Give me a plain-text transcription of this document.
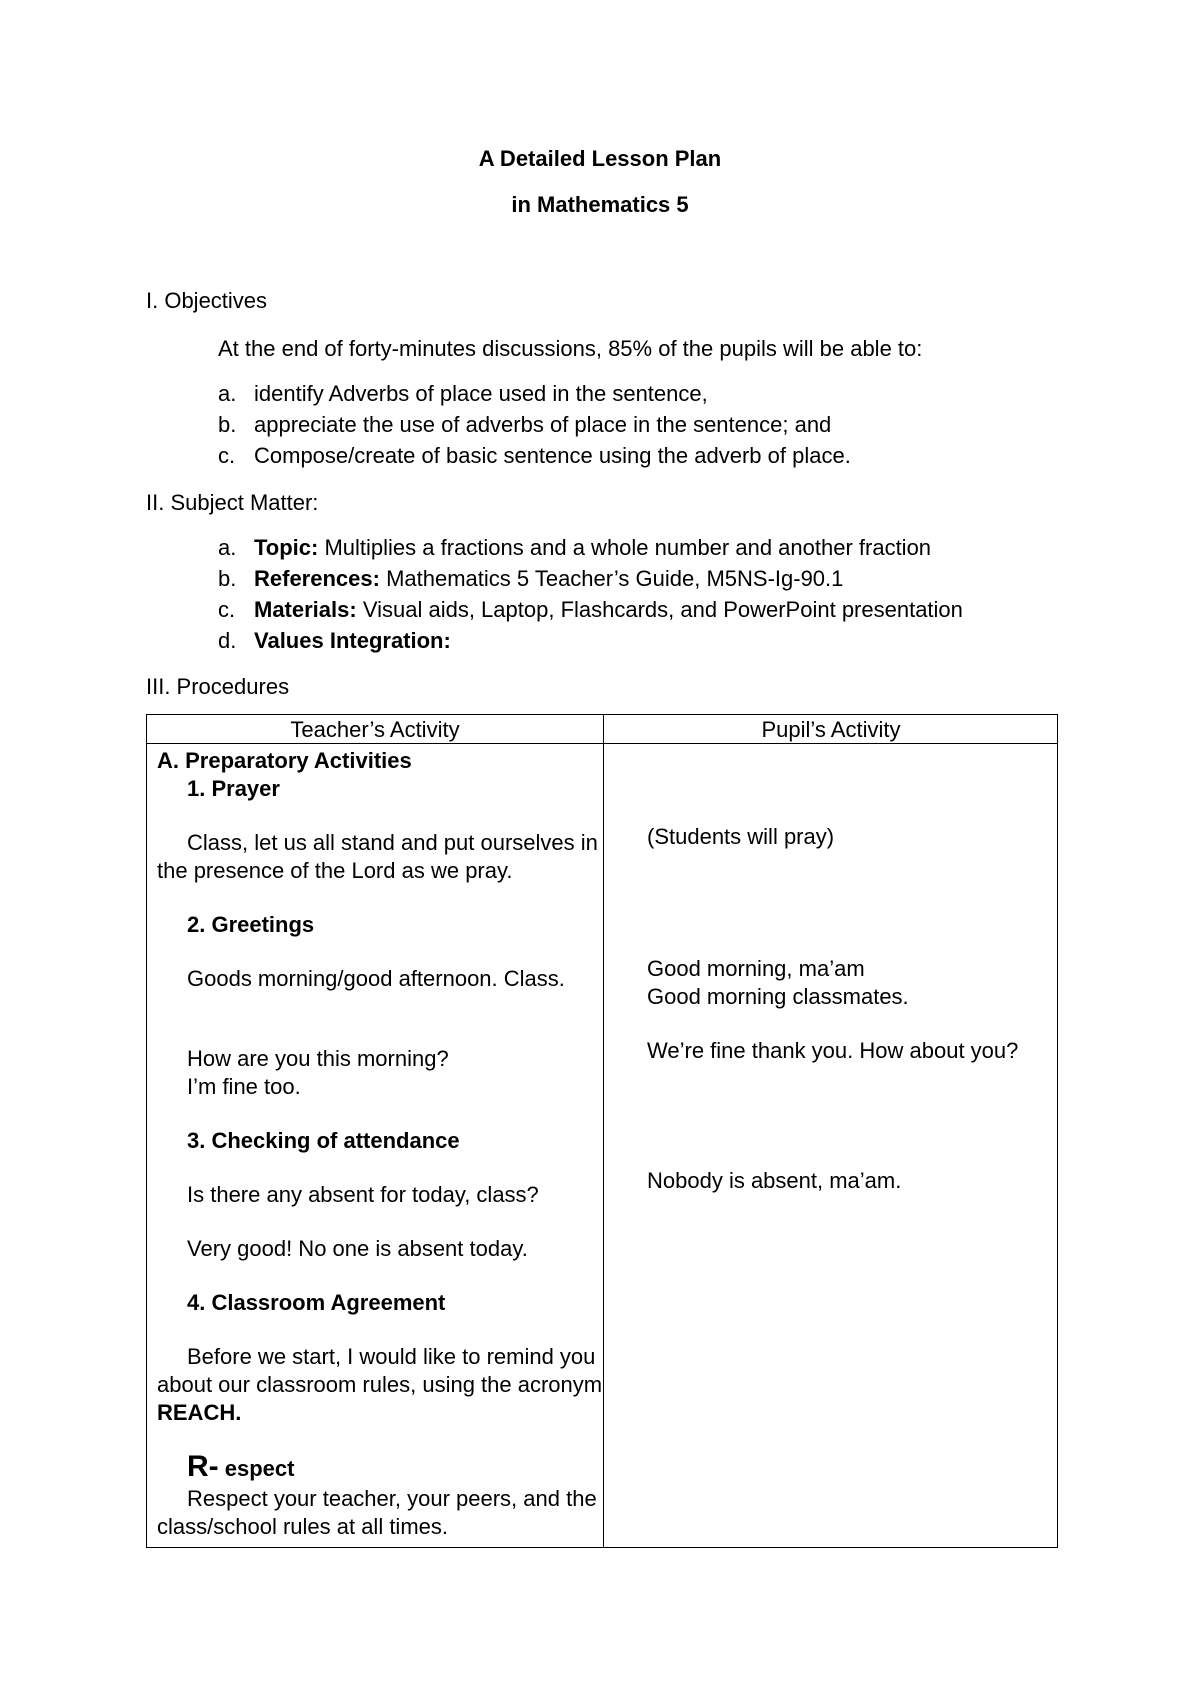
A Detailed Lesson Plan
in Mathematics 5
I. Objectives
At the end of forty-minutes discussions, 85% of the pupils will be able to:
a. identify Adverbs of place used in the sentence,
b. appreciate the use of adverbs of place in the sentence; and
c. Compose/create of basic sentence using the adverb of place.
II. Subject Matter:
a. Topic: Multiplies a fractions and a whole number and another fraction
b. References: Mathematics 5 Teacher’s Guide, M5NS-Ig-90.1
c. Materials: Visual aids, Laptop, Flashcards, and PowerPoint presentation
d. Values Integration:
III. Procedures
Teacher’s Activity	Pupil’s Activity
A. Preparatory Activities
1. Prayer
Class, let us all stand and put ourselves in
the presence of the Lord as we pray.
2. Greetings
Goods morning/good afternoon. Class.
How are you this morning?
I’m fine too.
3. Checking of attendance
Is there any absent for today, class?
Very good! No one is absent today.
4. Classroom Agreement
Before we start, I would like to remind you
about our classroom rules, using the acronym
REACH.
R- espect
Respect your teacher, your peers, and the
class/school rules at all times.
(Students will pray)
Good morning, ma’am
Good morning classmates.
We’re fine thank you. How about you?
Nobody is absent, ma’am.
